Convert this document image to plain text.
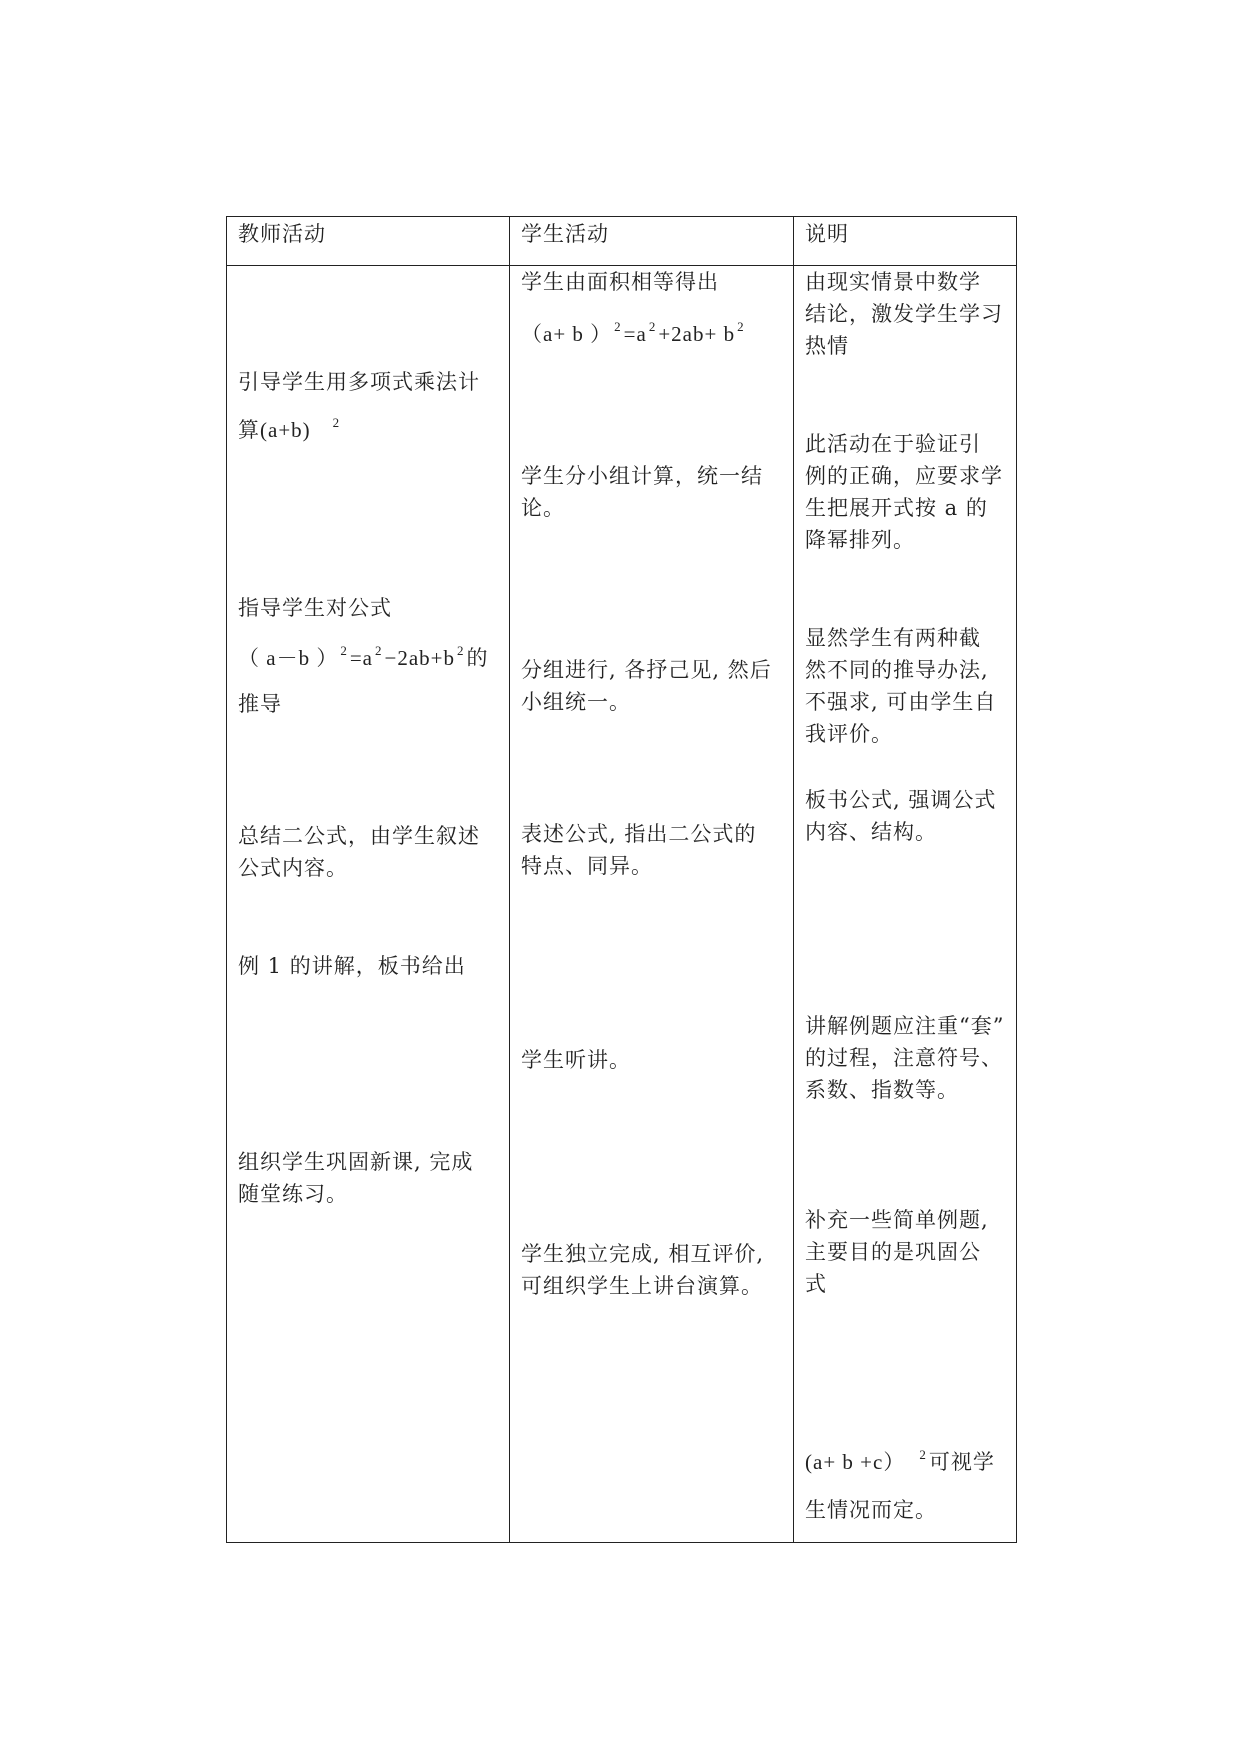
教师活动	学生活动	说明
引导学生用多项式乘法计
算(a+b) $^2$
指导学生对公式
（ a－b ） $^2$=a $^2$−2ab+b $^2$的
推导
总结二公式，由学生叙述
公式内容。
例 1 的讲解，板书给出
组织学生巩固新课, 完成
随堂练习。
学生由面积相等得出
（a+ b ） $^2$=a $^2$+2ab+ b $^2$
学生分小组计算，统一结
论。
分组进行, 各抒己见, 然后
小组统一。
表述公式, 指出二公式的
特点、同异。
学生听讲。
学生独立完成, 相互评价,
可组织学生上讲台演算。
由现实情景中数学
结论，激发学生学习
热情
此活动在于验证引
例的正确，应要求学
生把展开式按 a 的
降幂排列。
显然学生有两种截
然不同的推导办法,
不强求, 可由学生自
我评价。
板书公式, 强调公式
内容、结构。
讲解例题应注重“套”
的过程，注意符号、
系数、指数等。
补充一些简单例题,
主要目的是巩固公
式
(a+ b +c） $^2$可视学
生情况而定。
